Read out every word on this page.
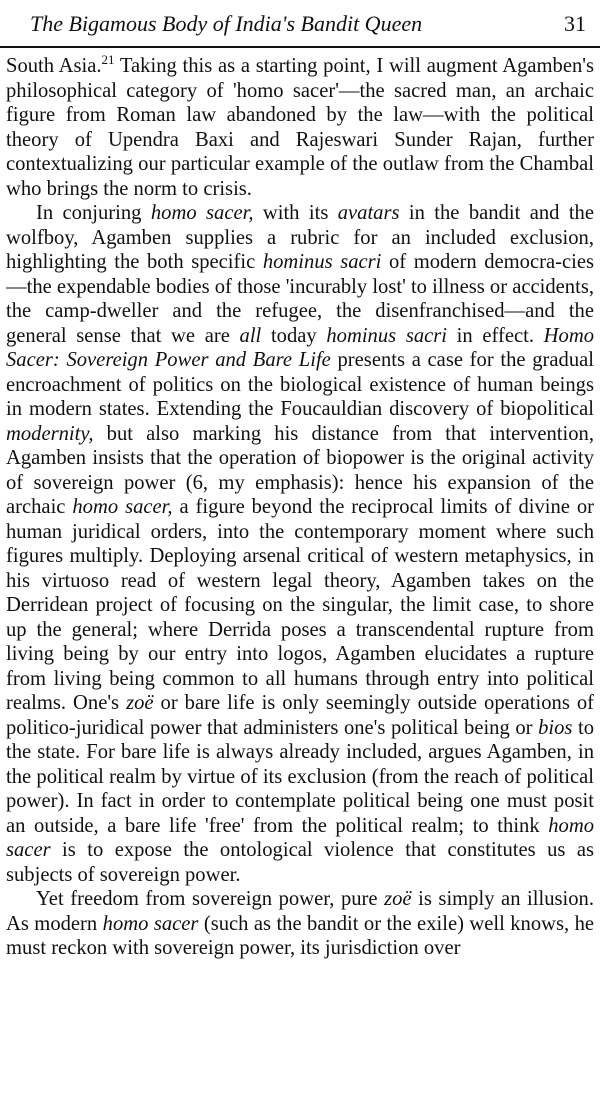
The Bigamous Body of India's Bandit Queen	31

South Asia.$^{21}$ Taking this as a starting point, I will augment Agamben's philosophical category of 'homo sacer'—the sacred man, an archaic figure from Roman law abandoned by the law—with the political theory of Upendra Baxi and Rajeswari Sunder Rajan, further contextualizing our particular example of the outlaw from the Chambal who brings the norm to crisis.

In conjuring homo sacer, with its avatars in the bandit and the wolfboy, Agamben supplies a rubric for an included exclusion, highlighting the both specific hominus sacri of modern democra-cies—the expendable bodies of those 'incurably lost' to illness or accidents, the camp-dweller and the refugee, the disenfranchised—and the general sense that we are all today hominus sacri in effect. Homo Sacer: Sovereign Power and Bare Life presents a case for the gradual encroachment of politics on the biological existence of human beings in modern states. Extending the Foucauldian discovery of biopolitical modernity, but also marking his distance from that intervention, Agamben insists that the operation of biopower is the original activity of sovereign power (6, my emphasis): hence his expansion of the archaic homo sacer, a figure beyond the reciprocal limits of divine or human juridical orders, into the contemporary moment where such figures multiply. Deploying arsenal critical of western metaphysics, in his virtuoso read of western legal theory, Agamben takes on the Derridean project of focusing on the singular, the limit case, to shore up the general; where Derrida poses a transcendental rupture from living being by our entry into logos, Agamben elucidates a rupture from living being common to all humans through entry into political realms. One's zoë or bare life is only seemingly outside operations of politico-juridical power that administers one's political being or bios to the state. For bare life is always already included, argues Agamben, in the political realm by virtue of its exclusion (from the reach of political power). In fact in order to contemplate political being one must posit an outside, a bare life 'free' from the political realm; to think homo sacer is to expose the ontological violence that constitutes us as subjects of sovereign power.

Yet freedom from sovereign power, pure zoë is simply an illusion. As modern homo sacer (such as the bandit or the exile) well knows, he must reckon with sovereign power, its jurisdiction over
